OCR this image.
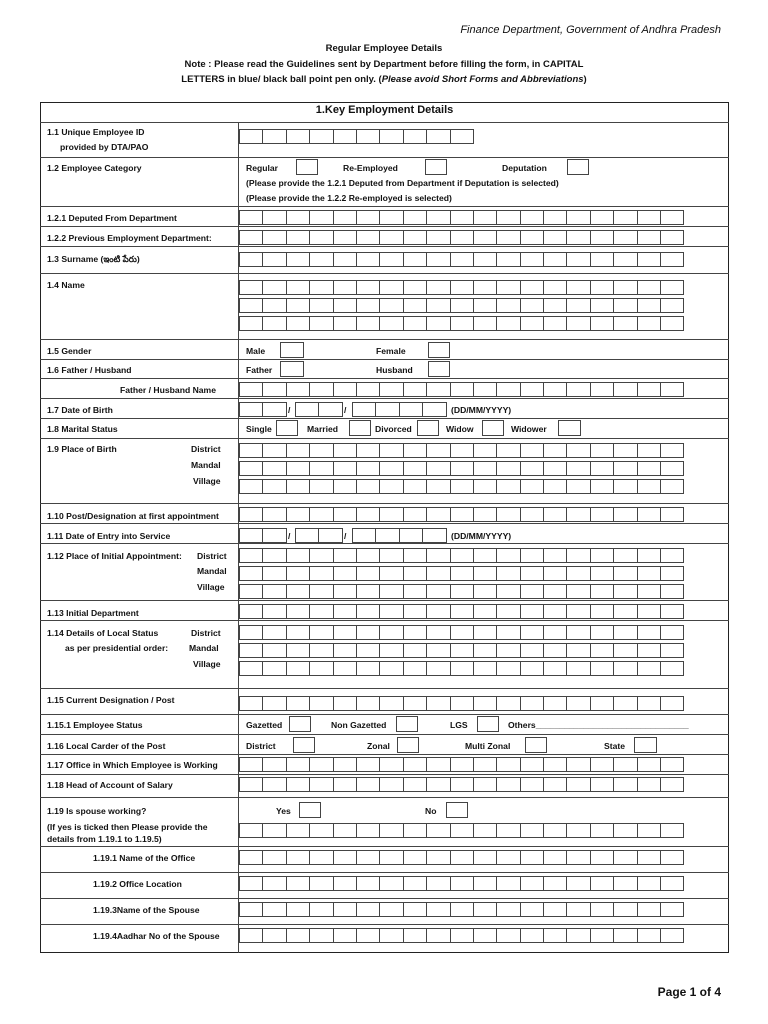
Finance Department, Government of Andhra Pradesh
Regular Employee Details
Note : Please read the Guidelines sent by Department before filling the form, in CAPITAL
LETTERS in blue/ black ball point pen only. (Please avoid Short Forms and Abbreviations)
1.Key Employment Details
1.1 Unique Employee ID
provided by DTA/PAO
1.2 Employee Category	Regular	Re-Employed	Deputation
(Please provide the 1.2.1 Deputed from Department if Deputation is selected)
(Please provide the 1.2.2 Re-employed is selected)
1.2.1 Deputed From Department
1.2.2 Previous Employment Department:
1.3 Surname (ఇంటి పేరు)
1.4 Name
1.5 Gender	Male	Female
1.6 Father / Husband	Father	Husband
Father / Husband Name
1.7 Date of Birth	/	/	(DD/MM/YYYY)
1.8 Marital Status	Single	Married	Divorced	Widow	Widower
1.9 Place of Birth	District
Mandal
Village
1.10 Post/Designation at first appointment
1.11 Date of Entry into Service	/	/	(DD/MM/YYYY)
1.12 Place of Initial Appointment: District
Mandal
Village
1.13 Initial Department
1.14 Details of Local Status	District
as per presidential order: Mandal
Village
1.15 Current Designation / Post
1.15.1 Employee Status	Gazetted	Non Gazetted	LGS	Others________________________________
1.16 Local Carder of the Post	District	Zonal	Multi Zonal	State
1.17 Office in Which Employee is Working
1.18 Head of Account of Salary
1.19 Is spouse working?	Yes	No
(If yes is ticked then Please provide the
details from 1.19.1 to 1.19.5)
1.19.1 Name of the Office
1.19.2 Office Location
1.19.3Name of the Spouse
1.19.4Aadhar No of the Spouse
Page 1 of 4
